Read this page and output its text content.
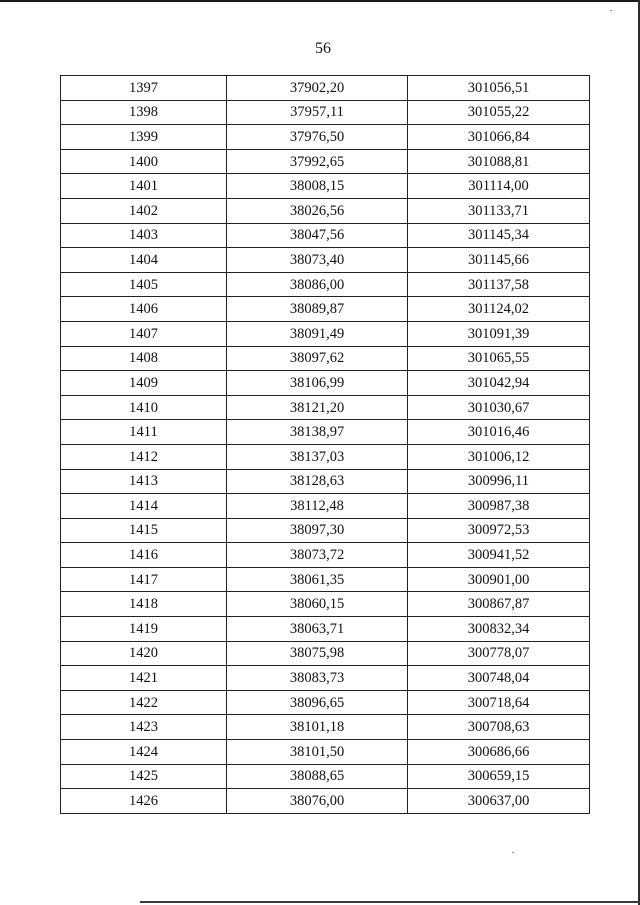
56
1397	37902,20	301056,51
1398	37957,11	301055,22
1399	37976,50	301066,84
1400	37992,65	301088,81
1401	38008,15	301114,00
1402	38026,56	301133,71
1403	38047,56	301145,34
1404	38073,40	301145,66
1405	38086,00	301137,58
1406	38089,87	301124,02
1407	38091,49	301091,39
1408	38097,62	301065,55
1409	38106,99	301042,94
1410	38121,20	301030,67
1411	38138,97	301016,46
1412	38137,03	301006,12
1413	38128,63	300996,11
1414	38112,48	300987,38
1415	38097,30	300972,53
1416	38073,72	300941,52
1417	38061,35	300901,00
1418	38060,15	300867,87
1419	38063,71	300832,34
1420	38075,98	300778,07
1421	38083,73	300748,04
1422	38096,65	300718,64
1423	38101,18	300708,63
1424	38101,50	300686,66
1425	38088,65	300659,15
1426	38076,00	300637,00
